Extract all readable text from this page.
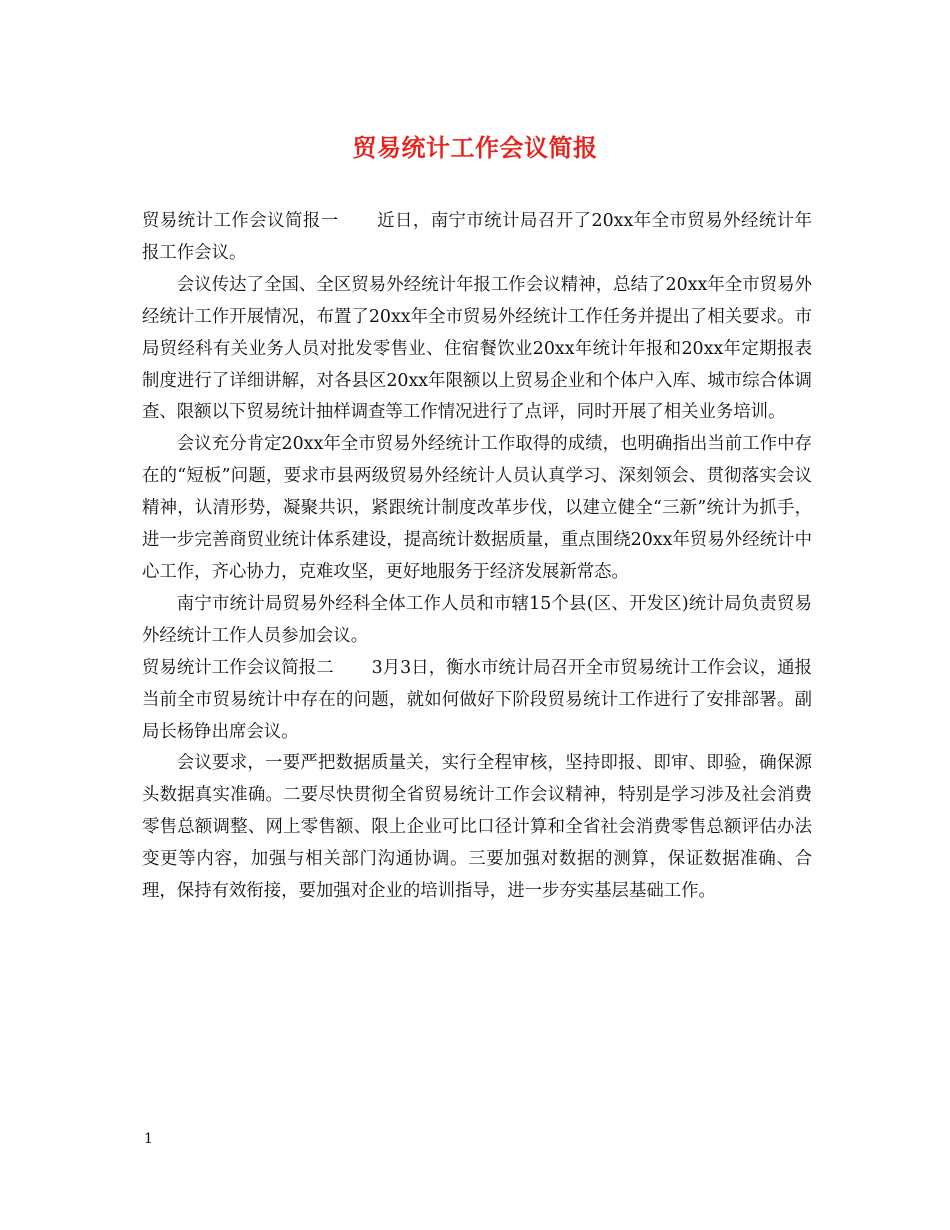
贸易统计工作会议简报

贸易统计工作会议简报一 近日，南宁市统计局召开了20xx年全市贸易外经统计年报工作会议。

会议传达了全国、全区贸易外经统计年报工作会议精神，总结了20xx年全市贸易外经统计工作开展情况，布置了20xx年全市贸易外经统计工作任务并提出了相关要求。市局贸经科有关业务人员对批发零售业、住宿餐饮业20xx年统计年报和20xx年定期报表制度进行了详细讲解，对各县区20xx年限额以上贸易企业和个体户入库、城市综合体调查、限额以下贸易统计抽样调查等工作情况进行了点评，同时开展了相关业务培训。

会议充分肯定20xx年全市贸易外经统计工作取得的成绩，也明确指出当前工作中存在的“短板”问题，要求市县两级贸易外经统计人员认真学习、深刻领会、贯彻落实会议精神，认清形势，凝聚共识，紧跟统计制度改革步伐，以建立健全“三新”统计为抓手，进一步完善商贸业统计体系建设，提高统计数据质量，重点围绕20xx年贸易外经统计中心工作，齐心协力，克难攻坚，更好地服务于经济发展新常态。

南宁市统计局贸易外经科全体工作人员和市辖15个县(区、开发区)统计局负责贸易外经统计工作人员参加会议。

贸易统计工作会议简报二 3月3日，衡水市统计局召开全市贸易统计工作会议，通报当前全市贸易统计中存在的问题，就如何做好下阶段贸易统计工作进行了安排部署。副局长杨铮出席会议。

会议要求，一要严把数据质量关，实行全程审核，坚持即报、即审、即验，确保源头数据真实准确。二要尽快贯彻全省贸易统计工作会议精神，特别是学习涉及社会消费零售总额调整、网上零售额、限上企业可比口径计算和全省社会消费零售总额评估办法变更等内容，加强与相关部门沟通协调。三要加强对数据的测算，保证数据准确、合理，保持有效衔接，要加强对企业的培训指导，进一步夯实基层基础工作。

1
